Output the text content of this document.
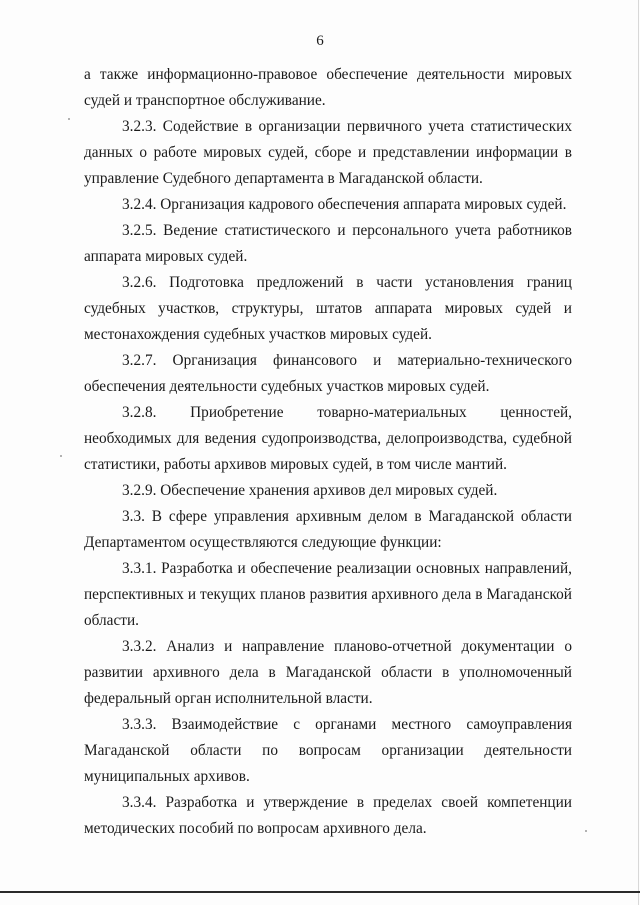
6

а также информационно-правовое обеспечение деятельности мировых судей и транспортное обслуживание.

3.2.3. Содействие в организации первичного учета статистических данных о работе мировых судей, сборе и представлении информации в управление Судебного департамента в Магаданской области.

3.2.4. Организация кадрового обеспечения аппарата мировых судей.

3.2.5. Ведение статистического и персонального учета работников аппарата мировых судей.

3.2.6. Подготовка предложений в части установления границ судебных участков, структуры, штатов аппарата мировых судей и местонахождения судебных участков мировых судей.

3.2.7. Организация финансового и материально-технического обеспечения деятельности судебных участков мировых судей.

3.2.8. Приобретение товарно-материальных ценностей, необходимых для ведения судопроизводства, делопроизводства, судебной статистики, работы архивов мировых судей, в том числе мантий.

3.2.9. Обеспечение хранения архивов дел мировых судей.

3.3. В сфере управления архивным делом в Магаданской области Департаментом осуществляются следующие функции:

3.3.1. Разработка и обеспечение реализации основных направлений, перспективных и текущих планов развития архивного дела в Магаданской области.

3.3.2. Анализ и направление планово-отчетной документации о развитии архивного дела в Магаданской области в уполномоченный федеральный орган исполнительной власти.

3.3.3. Взаимодействие с органами местного самоуправления Магаданской области по вопросам организации деятельности муниципальных архивов.

3.3.4. Разработка и утверждение в пределах своей компетенции методических пособий по вопросам архивного дела.
